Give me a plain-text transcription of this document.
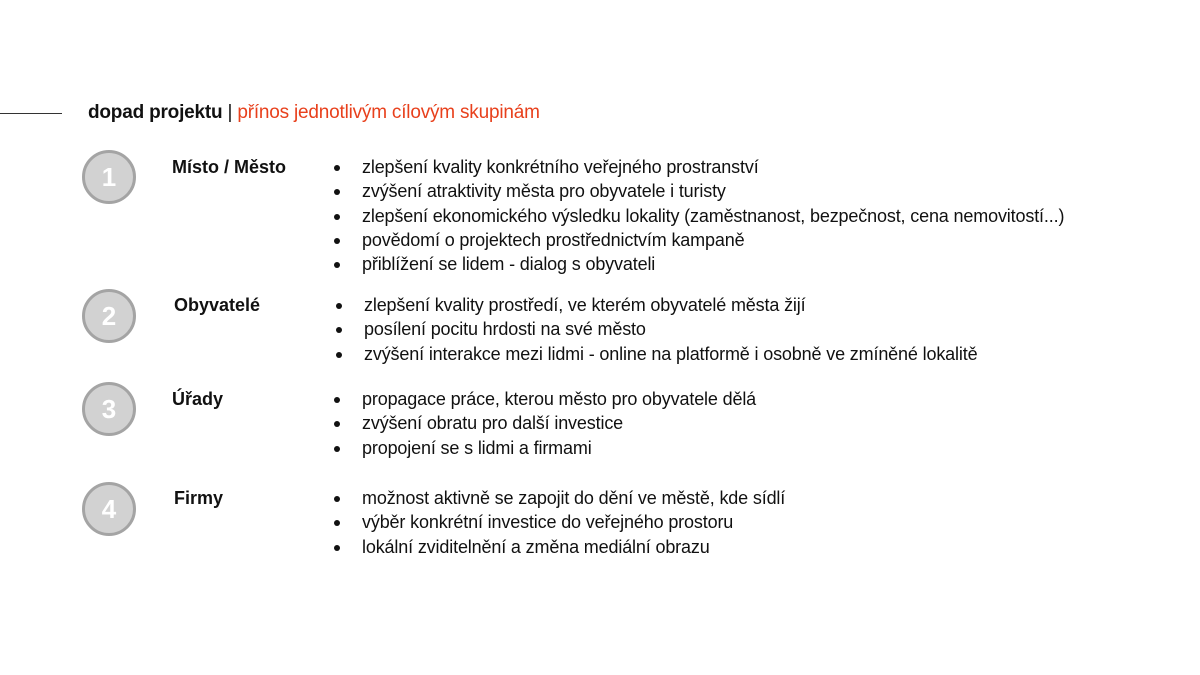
dopad projektu | přínos jednotlivým cílovým skupinám
1	Místo / Město	zlepšení kvality konkrétního veřejného prostranství
zvýšení atraktivity města pro obyvatele i turisty
zlepšení ekonomického výsledku lokality (zaměstnanost, bezpečnost, cena nemovitostí...)
povědomí o projektech prostřednictvím kampaně
přiblížení se lidem - dialog s obyvateli
2	Obyvatelé	zlepšení kvality prostředí, ve kterém obyvatelé města žijí
posílení pocitu hrdosti na své město
zvýšení interakce mezi lidmi - online na platformě i osobně ve zmíněné lokalitě
3	Úřady	propagace práce, kterou město pro obyvatele dělá
zvýšení obratu pro další investice
propojení se s lidmi a firmami
4	Firmy	možnost aktivně se zapojit do dění ve městě, kde sídlí
výběr konkrétní investice do veřejného prostoru
lokální zviditelnění a změna mediální obrazu
